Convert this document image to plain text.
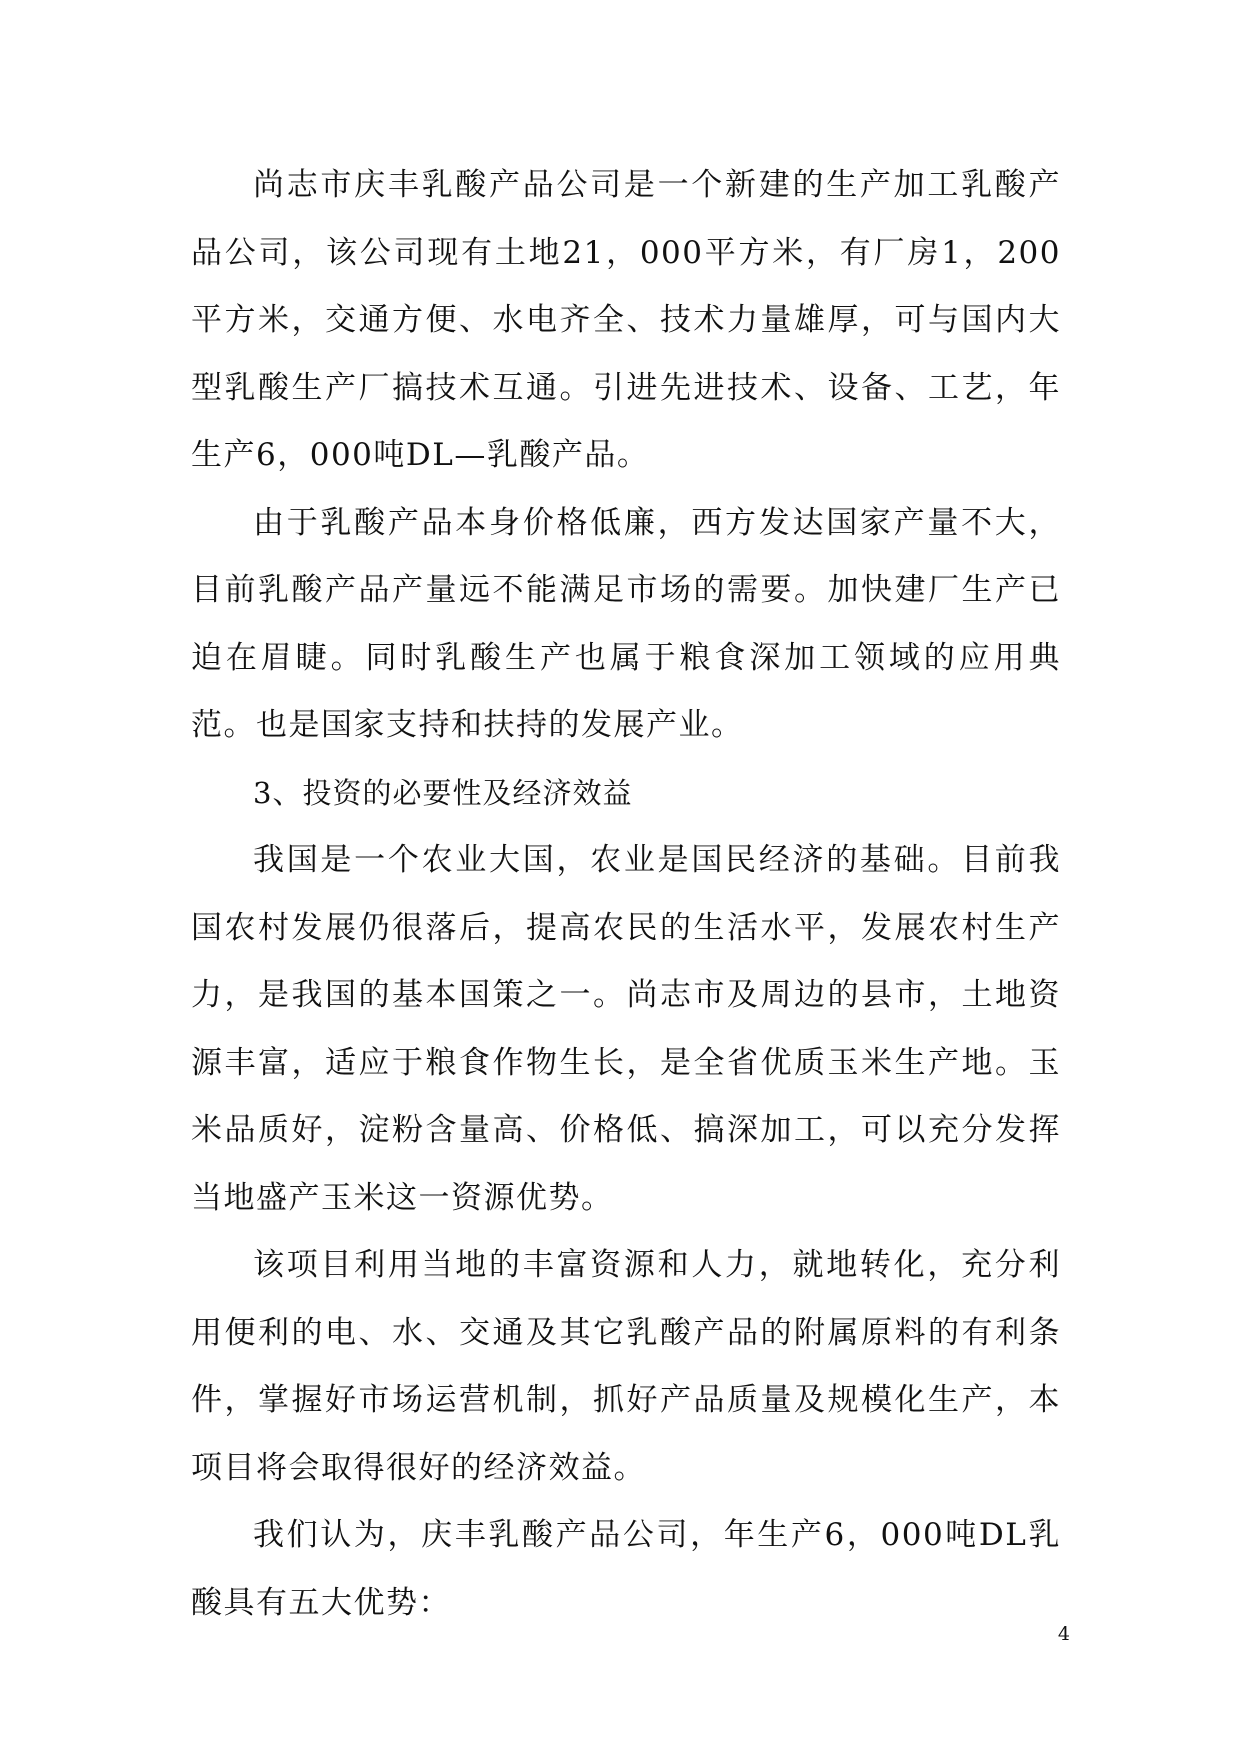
尚志市庆丰乳酸产品公司是一个新建的生产加工乳酸产品公司，该公司现有土地21，000平方米，有厂房1，200平方米，交通方便、水电齐全、技术力量雄厚，可与国内大型乳酸生产厂搞技术互通。引进先进技术、设备、工艺，年生产6，000吨DL—乳酸产品。

由于乳酸产品本身价格低廉，西方发达国家产量不大，目前乳酸产品产量远不能满足市场的需要。加快建厂生产已迫在眉睫。同时乳酸生产也属于粮食深加工领域的应用典范。也是国家支持和扶持的发展产业。

3、投资的必要性及经济效益

我国是一个农业大国，农业是国民经济的基础。目前我国农村发展仍很落后，提高农民的生活水平，发展农村生产力，是我国的基本国策之一。尚志市及周边的县市，土地资源丰富，适应于粮食作物生长，是全省优质玉米生产地。玉米品质好，淀粉含量高、价格低、搞深加工，可以充分发挥当地盛产玉米这一资源优势。

该项目利用当地的丰富资源和人力，就地转化，充分利用便利的电、水、交通及其它乳酸产品的附属原料的有利条件，掌握好市场运营机制，抓好产品质量及规模化生产，本项目将会取得很好的经济效益。

我们认为，庆丰乳酸产品公司，年生产6，000吨DL乳酸具有五大优势：

4
